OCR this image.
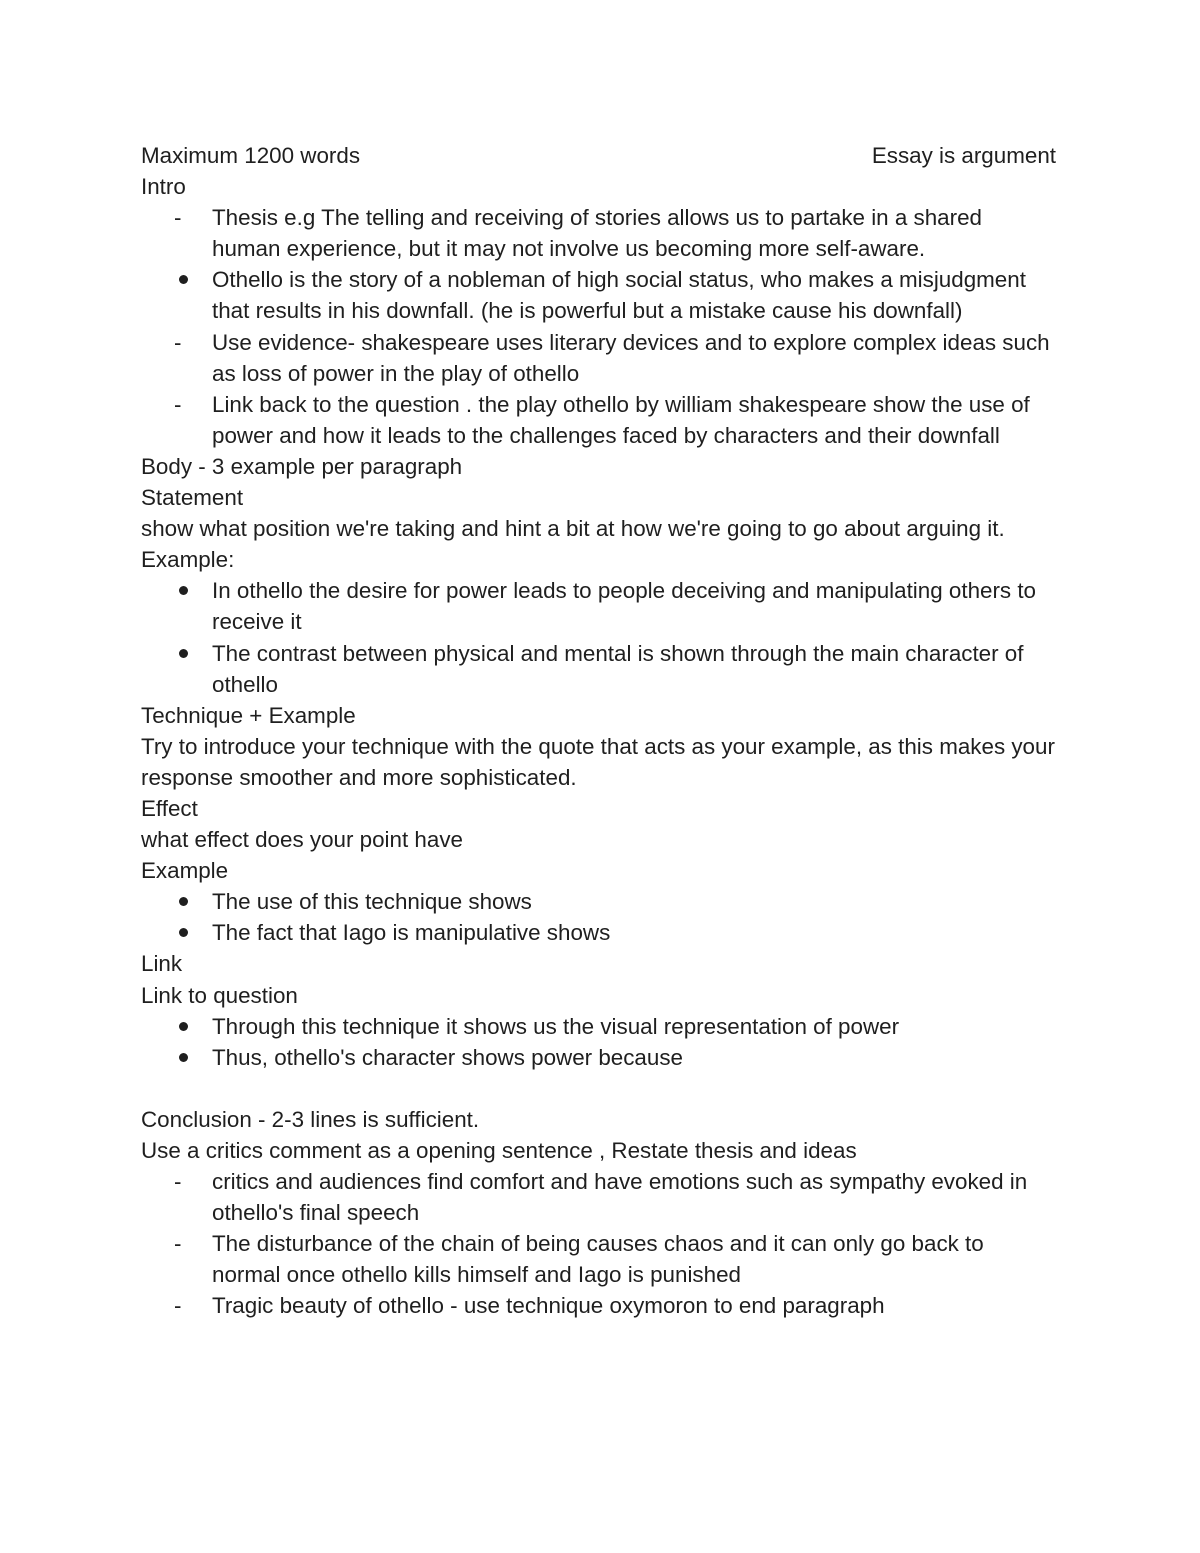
Maximum 1200 words	Essay is argument
Intro
-
Thesis e.g The telling and receiving of stories allows us to partake in a shared human experience, but it may not involve us becoming more self-aware.
Othello is the story of a nobleman of high social status, who makes a misjudgment that results in his downfall. (he is powerful but a mistake cause his downfall)
-
Use evidence- shakespeare uses literary devices and to explore complex ideas such as loss of power in the play of othello
-
Link back to the question . the play othello by william shakespeare show the use of power and how it leads to the challenges faced by characters and their downfall
Body - 3 example per paragraph
Statement
show what position we're taking and hint a bit at how we're going to go about arguing it.
Example:
In othello the desire for power leads to people deceiving and manipulating others to receive it
The contrast between physical and mental is shown through the main character of othello
Technique + Example
Try to introduce your technique with the quote that acts as your example, as this makes your response smoother and more sophisticated.
Effect
what effect does your point have
Example
The use of this technique shows
The fact that Iago is manipulative shows
Link
Link to question
Through this technique it shows us the visual representation of power
Thus, othello's character shows power because
Conclusion - 2-3 lines is sufficient.
Use a critics comment as a opening sentence , Restate thesis and ideas
-
critics and audiences find comfort and have emotions such as sympathy evoked in othello's final speech
-
The disturbance of the chain of being causes chaos and it can only go back to normal once othello kills himself and Iago is punished
-
Tragic beauty of othello - use technique oxymoron to end paragraph
